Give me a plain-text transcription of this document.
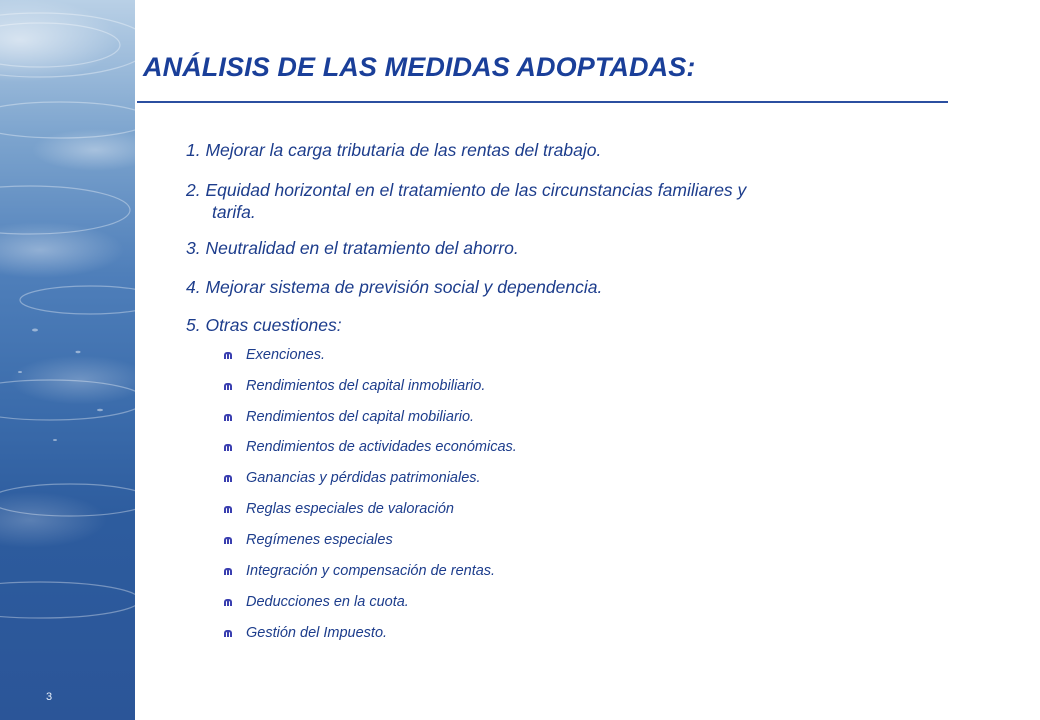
3
ANÁLISIS DE LAS MEDIDAS ADOPTADAS:
1. Mejorar la carga tributaria de las rentas del trabajo.
2. Equidad horizontal en el tratamiento de las circunstancias familiares y
tarifa.
3. Neutralidad en el tratamiento del ahorro.
4. Mejorar sistema de previsión social y dependencia.
5. Otras cuestiones:
Exenciones.
Rendimientos del capital inmobiliario.
Rendimientos del capital mobiliario.
Rendimientos de actividades económicas.
Ganancias y pérdidas patrimoniales.
Reglas especiales de valoración
Regímenes especiales
Integración y compensación de rentas.
Deducciones en la cuota.
Gestión del Impuesto.
